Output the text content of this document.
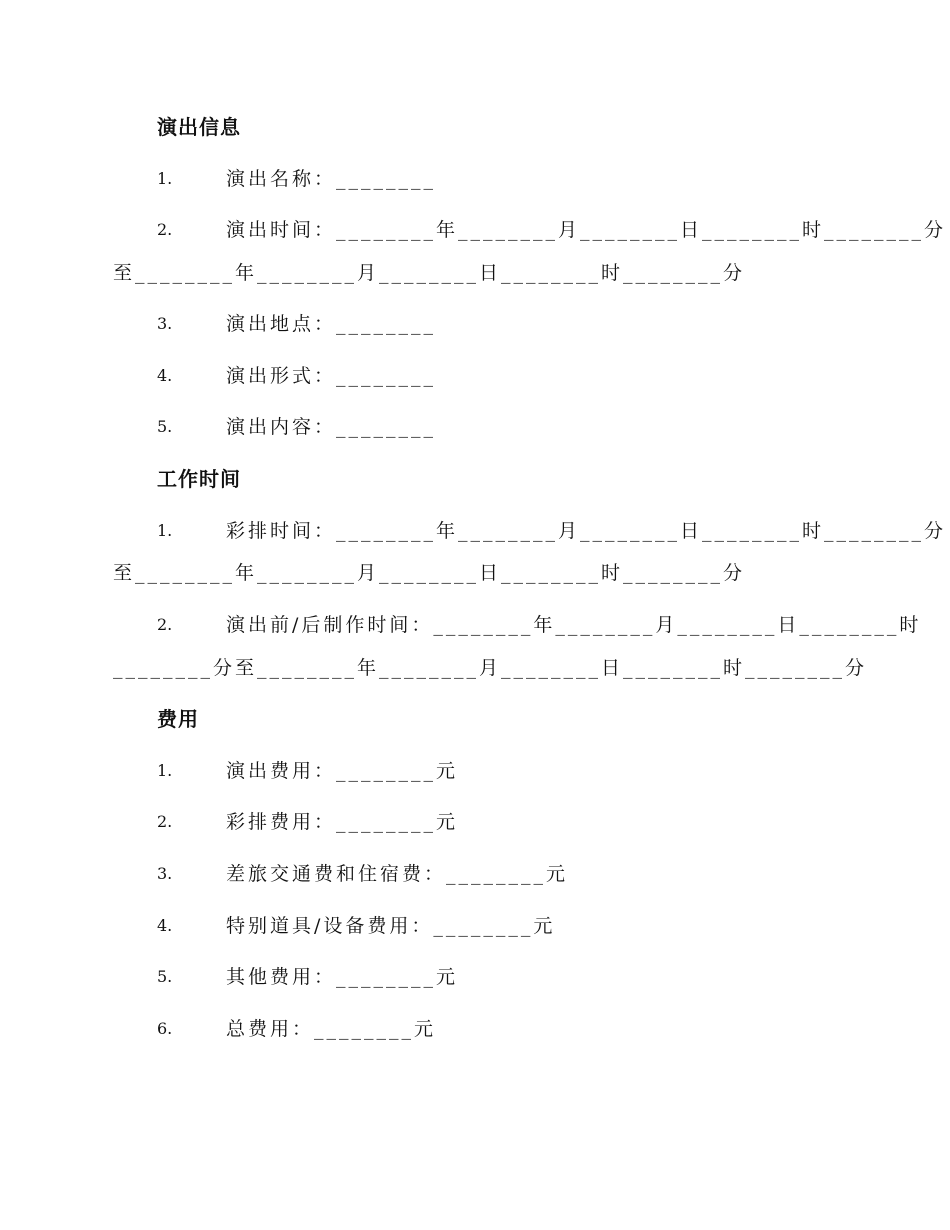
演出信息
1.	演出名称：________
2.	演出时间：________年________月________日________时________分
至________年________月________日________时________分
3.	演出地点：________
4.	演出形式：________
5.	演出内容：________
工作时间
1.	彩排时间：________年________月________日________时________分
至________年________月________日________时________分
2.	演出前/后制作时间：________年________月________日________时
________分至________年________月________日________时________分
费用
1.	演出费用：________元
2.	彩排费用：________元
3.	差旅交通费和住宿费：________元
4.	特别道具/设备费用：________元
5.	其他费用：________元
6.	总费用：________元
